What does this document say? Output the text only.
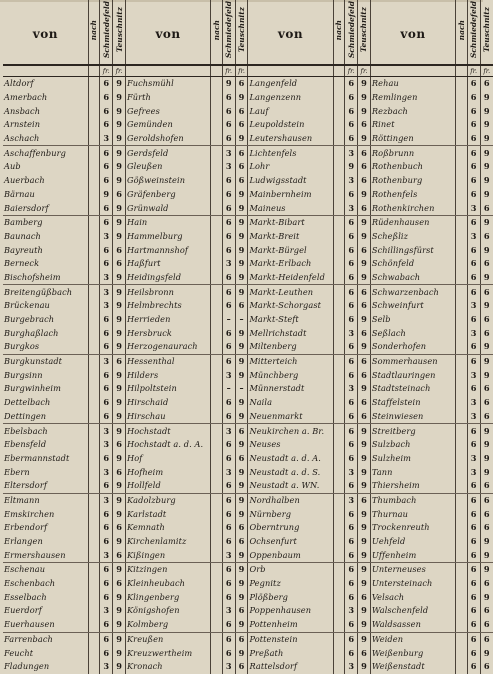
von	nach	Schmiedefeld	Teuschnitz	von	nach	Schmiedefeld	Teuschnitz	von	nach	Schmiedefeld	Teuschnitz	von	nach	Schmiedefeld	Teuschnitz
		fr.	fr.			fr.	fr.			fr.	fr.			fr.	fr.
Altdorf		6	9	Fuchsmühl		9	6	Langenfeld		6	9	Rehau		6	6
Amerbach		6	9	Fürth		6	9	Langenzenn		6	9	Remlingen		6	9
Ansbach		6	9	Gefrees		6	6	Lauf		6	9	Rezbach		6	9
Arnstein		6	9	Gemünden		6	6	Leupoldstein		6	6	Rinet		6	9
Aschach		3	9	Geroldshofen		6	9	Leutershausen		6	9	Röttingen		6	9
Aschaffenburg		6	9	Gerdsfeld		3	6	Lichtenfels		3	6	Roßbrunn		6	9
Aub		6	9	Gleußen		3	6	Lohr		9	6	Rothenbuch		6	9
Auerbach		6	9	Gößweinstein		6	6	Ludwigsstadt		3	6	Rothenburg		6	9
Bärnau		9	6	Gräfenberg		6	9	Mainbernheim		6	9	Rothenfels		6	9
Baiersdorf		6	9	Grünwald		6	9	Maineus		3	6	Rothenkirchen		3	6
Bamberg		6	9	Hain		6	9	Markt-Bibart		6	9	Rüdenhausen		6	9
Baunach		3	9	Hammelburg		6	9	Markt-Breit		6	9	Scheßliz		3	6
Bayreuth		6	6	Hartmannshof		6	9	Markt-Bürgel		6	6	Schillingsfürst		6	9
Berneck		6	6	Haßfurt		3	9	Markt-Erlbach		6	9	Schönfeld		6	6
Bischofsheim		3	9	Heidingsfeld		6	9	Markt-Heidenfeld		6	9	Schwabach		6	9
Breitengüßbach		3	9	Heilsbronn		6	9	Markt-Leuthen		6	6	Schwarzenbach		6	6
Brückenau		3	9	Helmbrechts		6	6	Markt-Schorgast		6	6	Schweinfurt		3	9
Burgebrach		6	9	Herrieden		–	–	Markt-Steft		6	9	Selb		6	6
Burghaßlach		6	9	Hersbruck		6	9	Mellrichstadt		3	6	Seßlach		3	6
Burgkos		6	9	Herzogenaurach		6	9	Miltenberg		6	9	Sonderhofen		6	9
Burgkunstadt		3	6	Hessenthal		6	9	Mitterteich		6	6	Sommerhausen		6	9
Burgsinn		6	9	Hilders		3	9	Münchberg		6	6	Stadtlauringen		3	9
Burgwinheim		6	9	Hilpoltstein		–	–	Münnerstadt		3	9	Stadtsteinach		6	6
Dettelbach		6	9	Hirschaid		6	9	Naila		6	6	Staffelstein		3	6
Dettingen		6	9	Hirschau		6	9	Neuenmarkt		6	6	Steinwiesen		3	6
Ebelsbach		3	9	Hochstadt		3	6	Neukirchen a. Br.		6	9	Streitberg		6	9
Ebensfeld		3	6	Hochstadt a. d. A.		6	9	Neuses		6	9	Sulzbach		6	9
Ebermannstadt		6	9	Hof		6	6	Neustadt a. d. A.		6	9	Sulzheim		3	9
Ebern		3	6	Hofheim		3	9	Neustadt a. d. S.		3	9	Tann		3	9
Eltersdorf		6	9	Hollfeld		6	9	Neustadt a. WN.		6	9	Thiersheim		6	6
Eltmann		3	9	Kadolzburg		6	9	Nordhalben		3	6	Thumbach		6	6
Emskirchen		6	9	Karlstadt		6	9	Nürnberg		6	9	Thurnau		6	6
Erbendorf		6	6	Kemnath		6	6	Oberntrung		6	9	Trockenreuth		6	6
Erlangen		6	9	Kirchenlamitz		6	6	Ochsenfurt		6	9	Uehfeld		6	9
Ermershausen		3	6	Kißingen		3	9	Oppenbaum		6	9	Uffenheim		6	9
Eschenau		6	9	Kitzingen		6	9	Orb		6	9	Unterneuses		6	9
Eschenbach		6	6	Kleinheubach		6	9	Pegnitz		6	9	Untersteinach		6	6
Esselbach		6	9	Klingenberg		6	9	Plößberg		6	6	Velsach		6	9
Euerdorf		3	9	Königshofen		3	6	Poppenhausen		3	9	Walschenfeld		6	6
Euerhausen		6	9	Kolmberg		6	9	Pottenheim		6	9	Waldsassen		6	6
Farrenbach		6	9	Kreußen		6	6	Pottenstein		6	9	Weiden		6	6
Feucht		6	9	Kreuzwertheim		6	9	Preßath		6	6	Weißenburg		6	9
Fladungen		3	9	Kronach		3	6	Rattelsdorf		3	9	Weißenstadt		6	6
